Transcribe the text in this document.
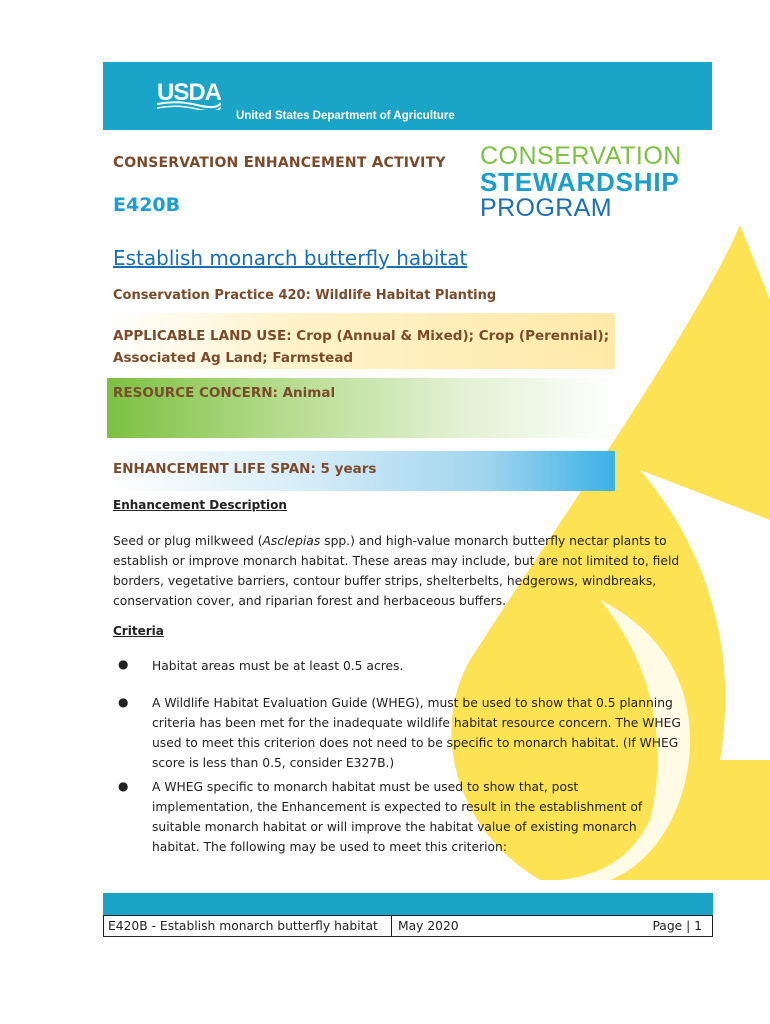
USDA
United States Department of Agriculture
CONSERVATION ENHANCEMENT ACTIVITY
E420B
CONSERVATION
STEWARDSHIP
PROGRAM
Establish monarch butterfly habitat
Conservation Practice 420: Wildlife Habitat Planting
APPLICABLE LAND USE: Crop (Annual & Mixed); Crop (Perennial);
Associated Ag Land; Farmstead
RESOURCE CONCERN: Animal
ENHANCEMENT LIFE SPAN: 5 years
Enhancement Description
Seed or plug milkweed (Asclepias spp.) and high-value monarch butterfly nectar plants to establish or improve monarch habitat. These areas may include, but are not limited to, field borders, vegetative barriers, contour buffer strips, shelterbelts, hedgerows, windbreaks, conservation cover, and riparian forest and herbaceous buffers.
Criteria
● Habitat areas must be at least 0.5 acres.
● A Wildlife Habitat Evaluation Guide (WHEG), must be used to show that 0.5 planning criteria has been met for the inadequate wildlife habitat resource concern. The WHEG used to meet this criterion does not need to be specific to monarch habitat. (If WHEG score is less than 0.5, consider E327B.)
● A WHEG specific to monarch habitat must be used to show that, post implementation, the Enhancement is expected to result in the establishment of suitable monarch habitat or will improve the habitat value of existing monarch habitat. The following may be used to meet this criterion:
E420B - Establish monarch butterfly habitat	May 2020	Page | 1
